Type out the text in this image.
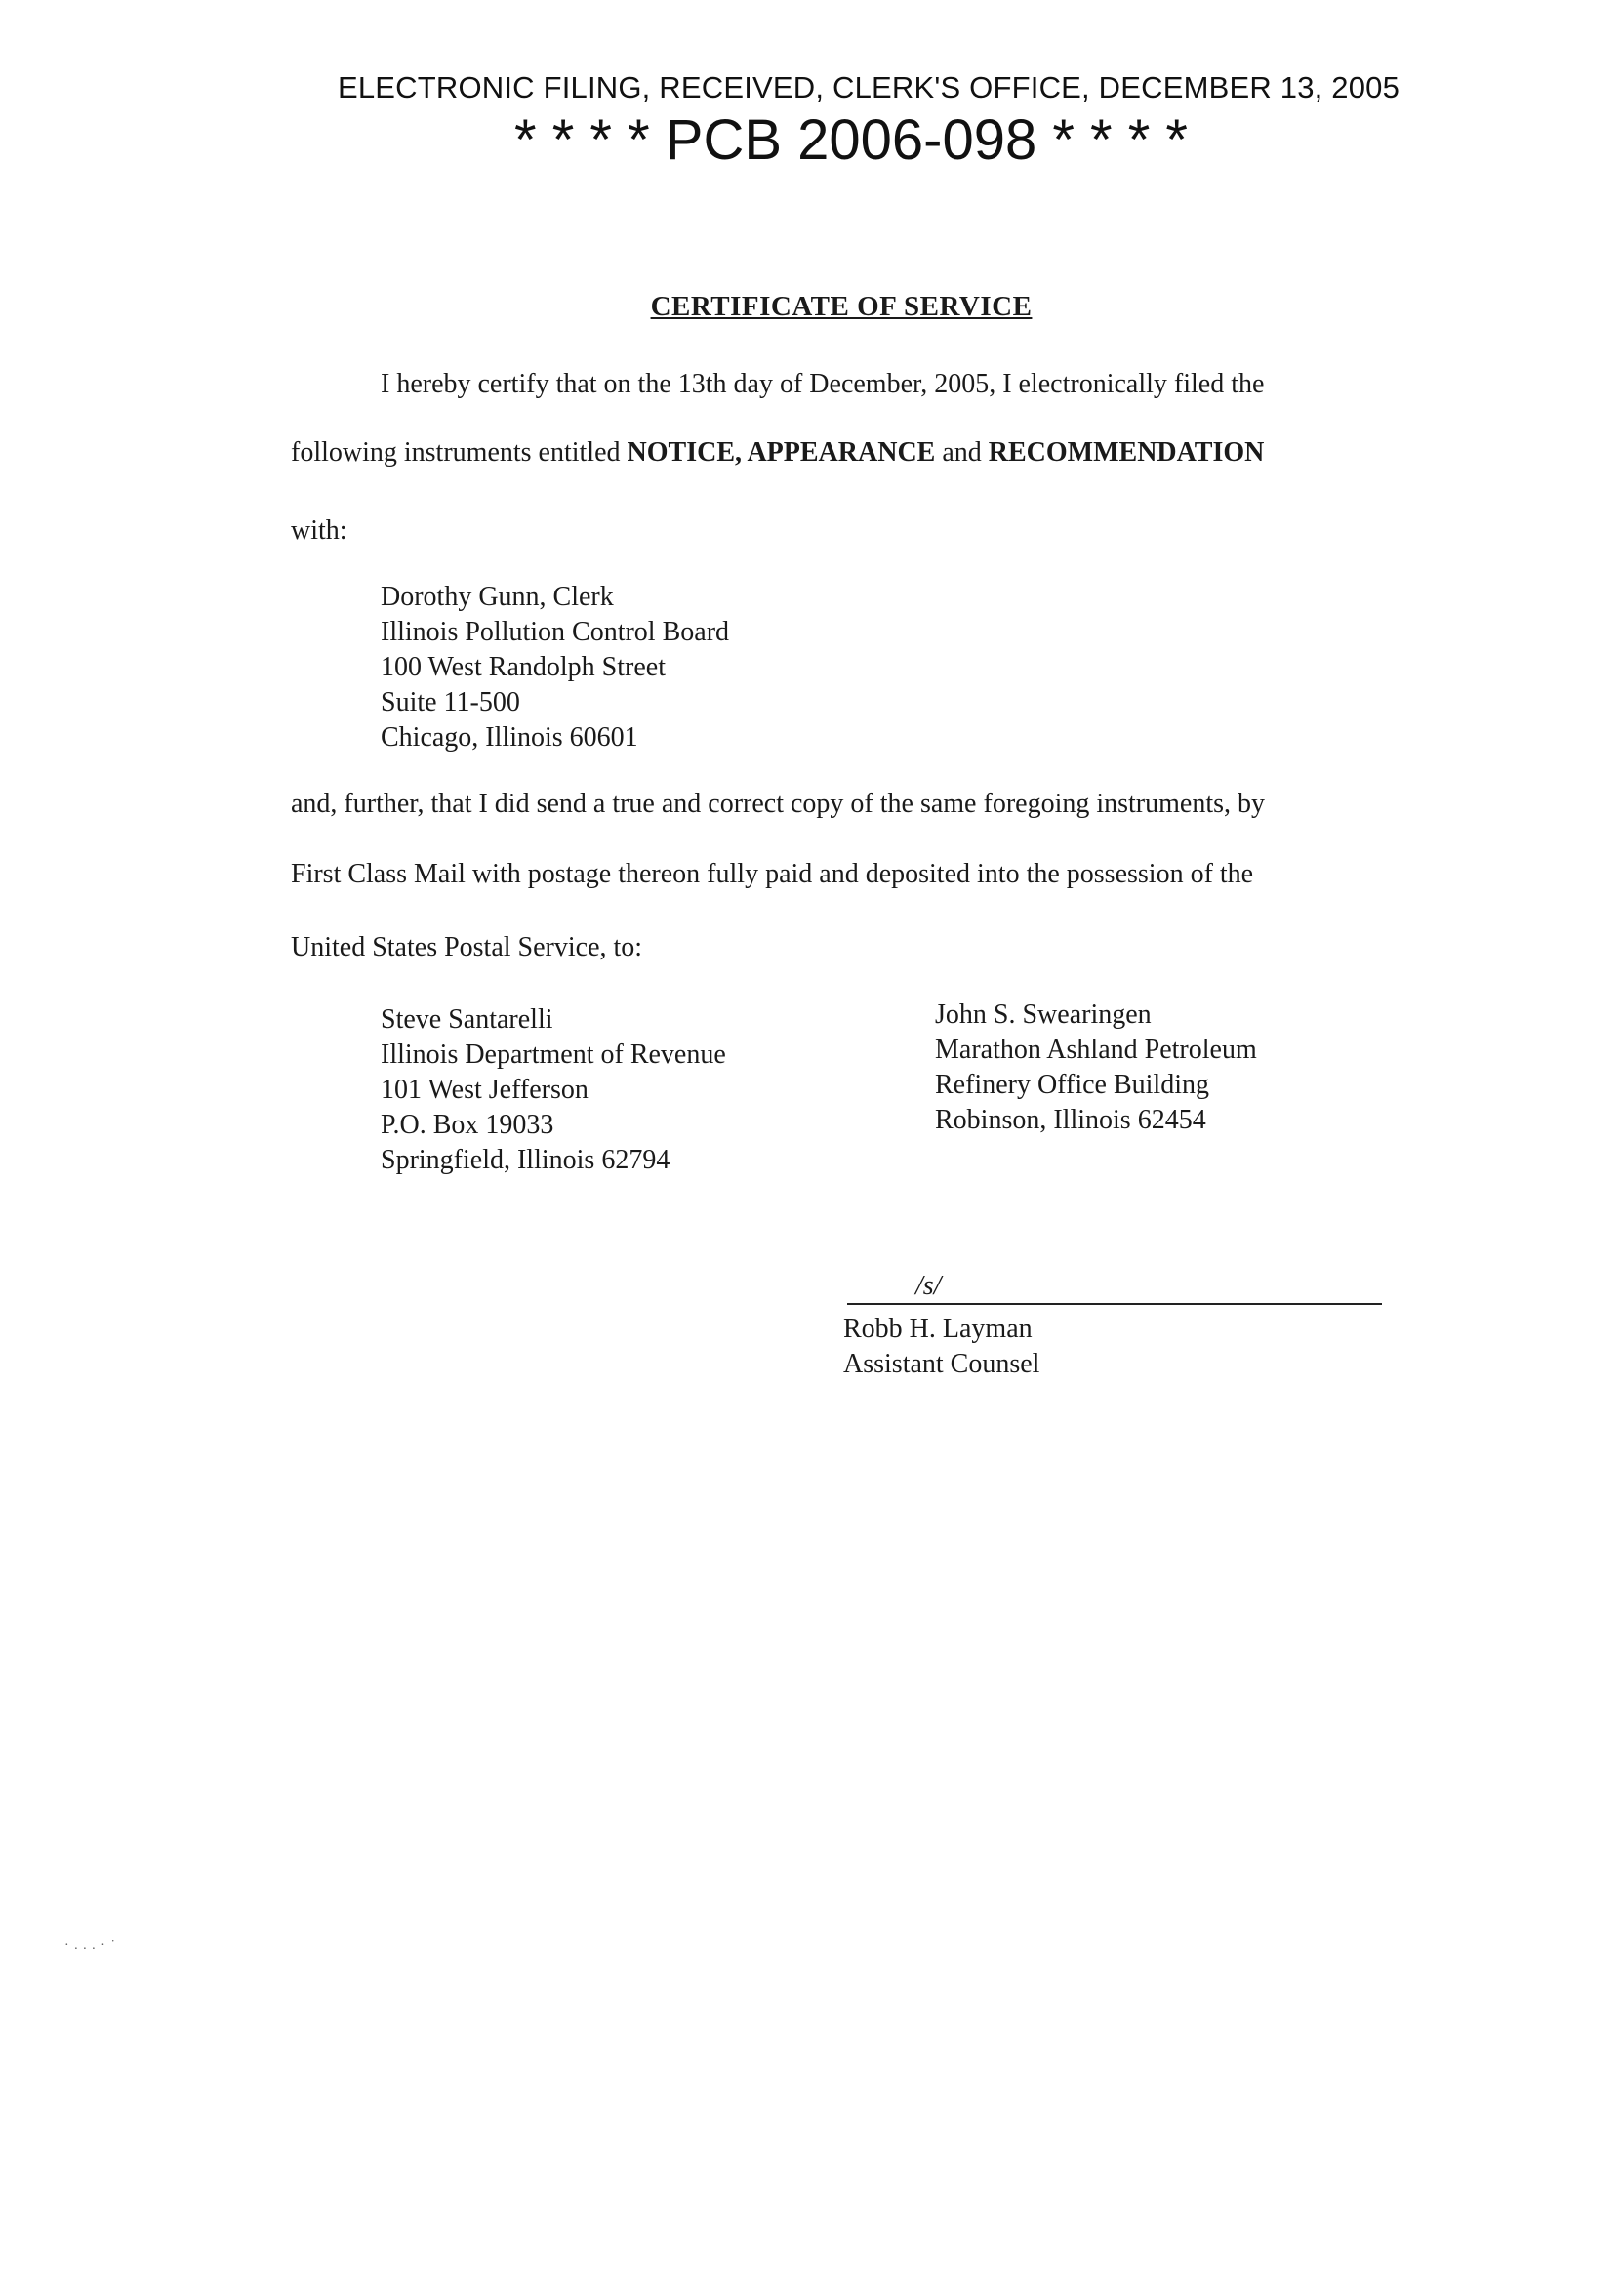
ELECTRONIC FILING, RECEIVED, CLERK'S OFFICE, DECEMBER 13, 2005
* * * * PCB 2006-098 * * * *
CERTIFICATE OF SERVICE
I hereby certify that on the 13th day of December, 2005, I electronically filed the
following instruments entitled NOTICE, APPEARANCE and RECOMMENDATION
with:
Dorothy Gunn, Clerk
Illinois Pollution Control Board
100 West Randolph Street
Suite 11-500
Chicago, Illinois 60601
and, further, that I did send a true and correct copy of the same foregoing instruments, by
First Class Mail with postage thereon fully paid and deposited into the possession of the
United States Postal Service, to:
Steve Santarelli
Illinois Department of Revenue
101 West Jefferson
P.O. Box 19033
Springfield, Illinois 62794
John S. Swearingen
Marathon Ashland Petroleum
Refinery Office Building
Robinson, Illinois 62454
/s/
Robb H. Layman
Assistant Counsel
· . . . · ˙
